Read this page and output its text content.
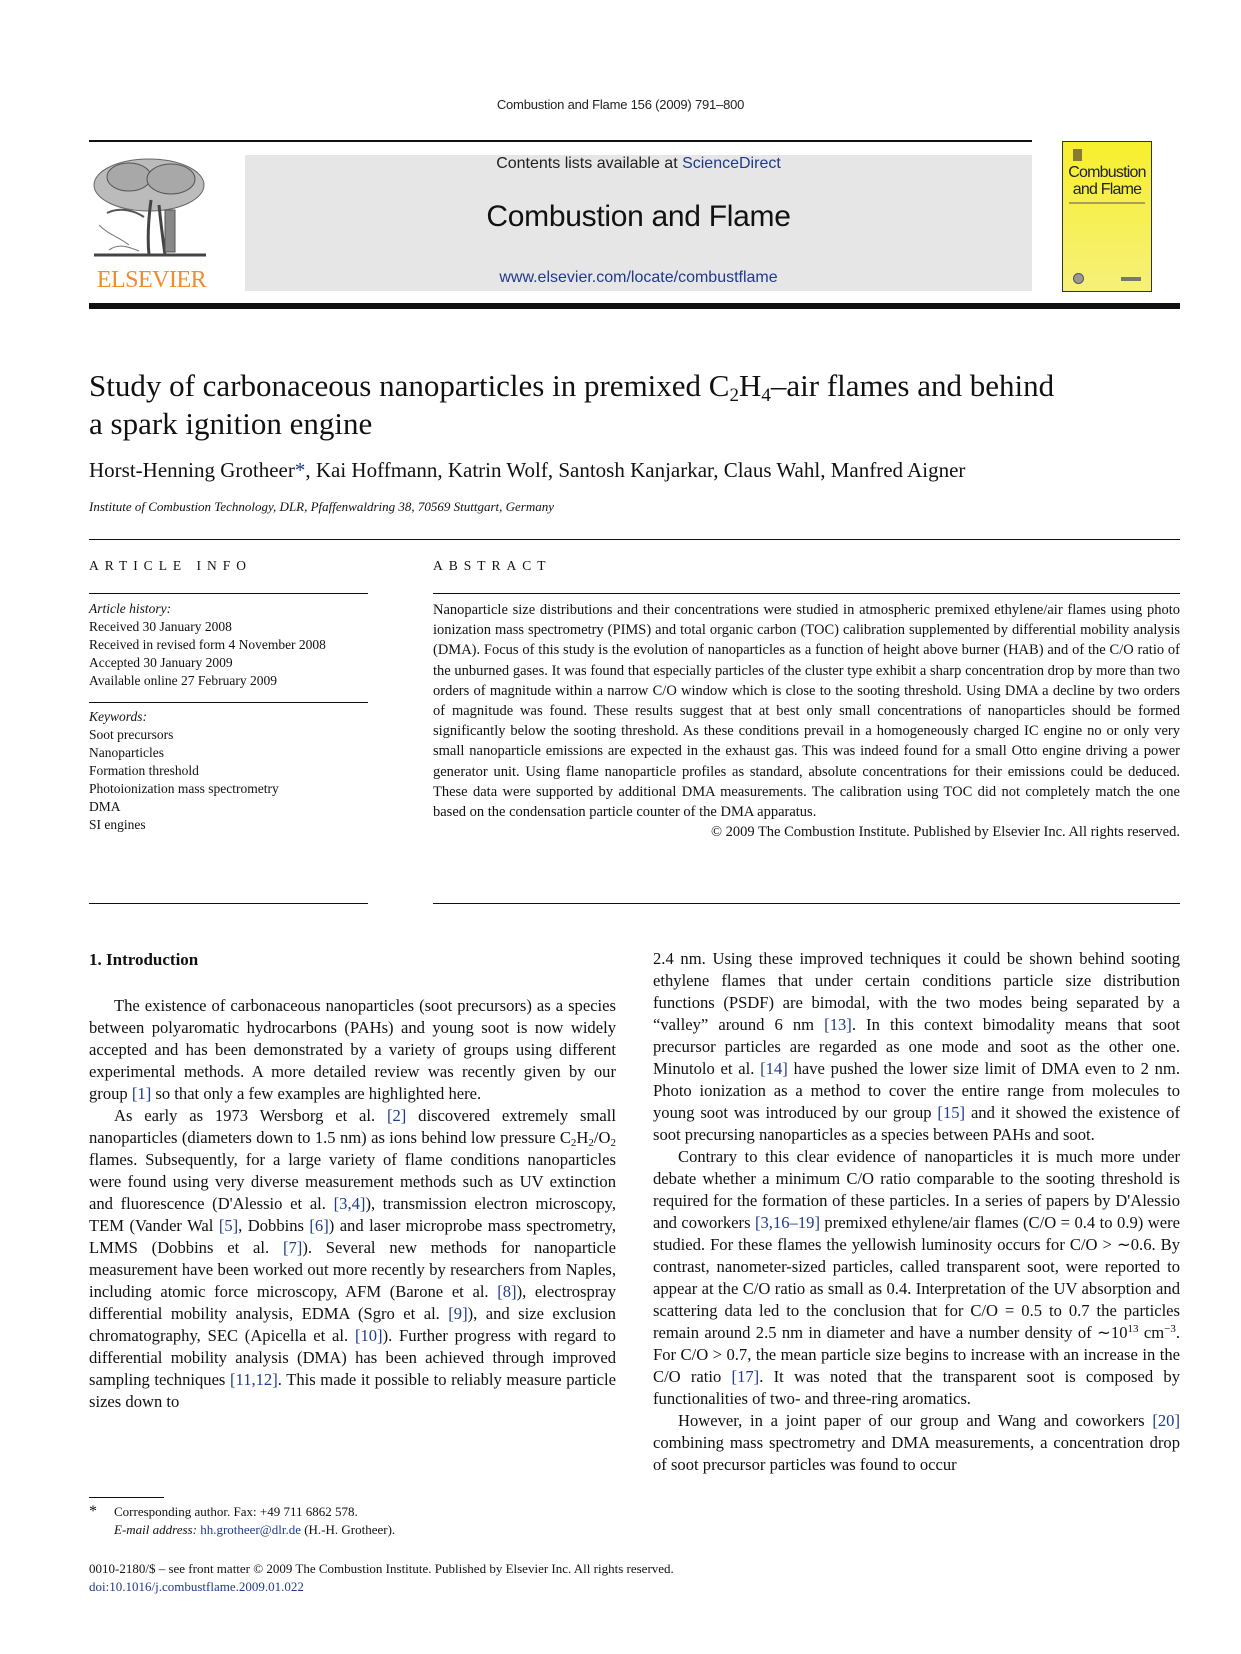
Combustion and Flame 156 (2009) 791–800
ELSEVIER
Contents lists available at ScienceDirect
Combustion and Flame
www.elsevier.com/locate/combustflame
Combustion
and Flame
Study of carbonaceous nanoparticles in premixed $C_2H_4$–air flames and behind
a spark ignition engine
Horst-Henning Grotheer*, Kai Hoffmann, Katrin Wolf, Santosh Kanjarkar, Claus Wahl, Manfred Aigner
Institute of Combustion Technology, DLR, Pfaffenwaldring 38, 70569 Stuttgart, Germany
ARTICLE INFO	ABSTRACT
Article history:
Received 30 January 2008
Received in revised form 4 November 2008
Accepted 30 January 2009
Available online 27 February 2009
Keywords:
Soot precursors
Nanoparticles
Formation threshold
Photoionization mass spectrometry
DMA
SI engines
Nanoparticle size distributions and their concentrations were studied in atmospheric premixed ethylene/air flames using photo ionization mass spectrometry (PIMS) and total organic carbon (TOC) calibration supplemented by differential mobility analysis (DMA). Focus of this study is the evolution of nanoparticles as a function of height above burner (HAB) and of the C/O ratio of the unburned gases. It was found that especially particles of the cluster type exhibit a sharp concentration drop by more than two orders of magnitude within a narrow C/O window which is close to the sooting threshold. Using DMA a decline by two orders of magnitude was found. These results suggest that at best only small concentrations of nanoparticles should be formed significantly below the sooting threshold. As these conditions prevail in a homogeneously charged IC engine no or only very small nanoparticle emissions are expected in the exhaust gas. This was indeed found for a small Otto engine driving a power generator unit. Using flame nanoparticle profiles as standard, absolute concentrations for their emissions could be deduced. These data were supported by additional DMA measurements. The calibration using TOC did not completely match the one based on the condensation particle counter of the DMA apparatus.
© 2009 The Combustion Institute. Published by Elsevier Inc. All rights reserved.
1. Introduction

The existence of carbonaceous nanoparticles (soot precursors) as a species between polyaromatic hydrocarbons (PAHs) and young soot is now widely accepted and has been demonstrated by a variety of groups using different experimental methods. A more detailed review was recently given by our group [1] so that only a few examples are highlighted here.

As early as 1973 Wersborg et al. [2] discovered extremely small nanoparticles (diameters down to 1.5 nm) as ions behind low pressure $C_2H_2/O_2$ flames. Subsequently, for a large variety of flame conditions nanoparticles were found using very diverse measurement methods such as UV extinction and fluorescence (D'Alessio et al. [3,4]), transmission electron microscopy, TEM (Vander Wal [5], Dobbins [6]) and laser microprobe mass spectrometry, LMMS (Dobbins et al. [7]). Several new methods for nanoparticle measurement have been worked out more recently by researchers from Naples, including atomic force microscopy, AFM (Barone et al. [8]), electrospray differential mobility analysis, EDMA (Sgro et al. [9]), and size exclusion chromatography, SEC (Apicella et al. [10]). Further progress with regard to differential mobility analysis (DMA) has been achieved through improved sampling techniques [11,12]. This made it possible to reliably measure particle sizes down to

2.4 nm. Using these improved techniques it could be shown behind sooting ethylene flames that under certain conditions particle size distribution functions (PSDF) are bimodal, with the two modes being separated by a “valley” around 6 nm [13]. In this context bimodality means that soot precursor particles are regarded as one mode and soot as the other one. Minutolo et al. [14] have pushed the lower size limit of DMA even to 2 nm. Photo ionization as a method to cover the entire range from molecules to young soot was introduced by our group [15] and it showed the existence of soot precursing nanoparticles as a species between PAHs and soot.

Contrary to this clear evidence of nanoparticles it is much more under debate whether a minimum C/O ratio comparable to the sooting threshold is required for the formation of these particles. In a series of papers by D'Alessio and coworkers [3,16–19] premixed ethylene/air flames (C/O = 0.4 to 0.9) were studied. For these flames the yellowish luminosity occurs for C/O > ∼0.6. By contrast, nanometer-sized particles, called transparent soot, were reported to appear at the C/O ratio as small as 0.4. Interpretation of the UV absorption and scattering data led to the conclusion that for C/O = 0.5 to 0.7 the particles remain around 2.5 nm in diameter and have a number density of $\sim 10^{13}$ $cm^{-3}$. For C/O > 0.7, the mean particle size begins to increase with an increase in the C/O ratio [17]. It was noted that the transparent soot is composed by functionalities of two- and three-ring aromatics.

However, in a joint paper of our group and Wang and coworkers [20] combining mass spectrometry and DMA measurements, a concentration drop of soot precursor particles was found to occur

* Corresponding author. Fax: +49 711 6862 578.
E-mail address: hh.grotheer@dlr.de (H.-H. Grotheer).
0010-2180/$ – see front matter © 2009 The Combustion Institute. Published by Elsevier Inc. All rights reserved.
doi:10.1016/j.combustflame.2009.01.022
